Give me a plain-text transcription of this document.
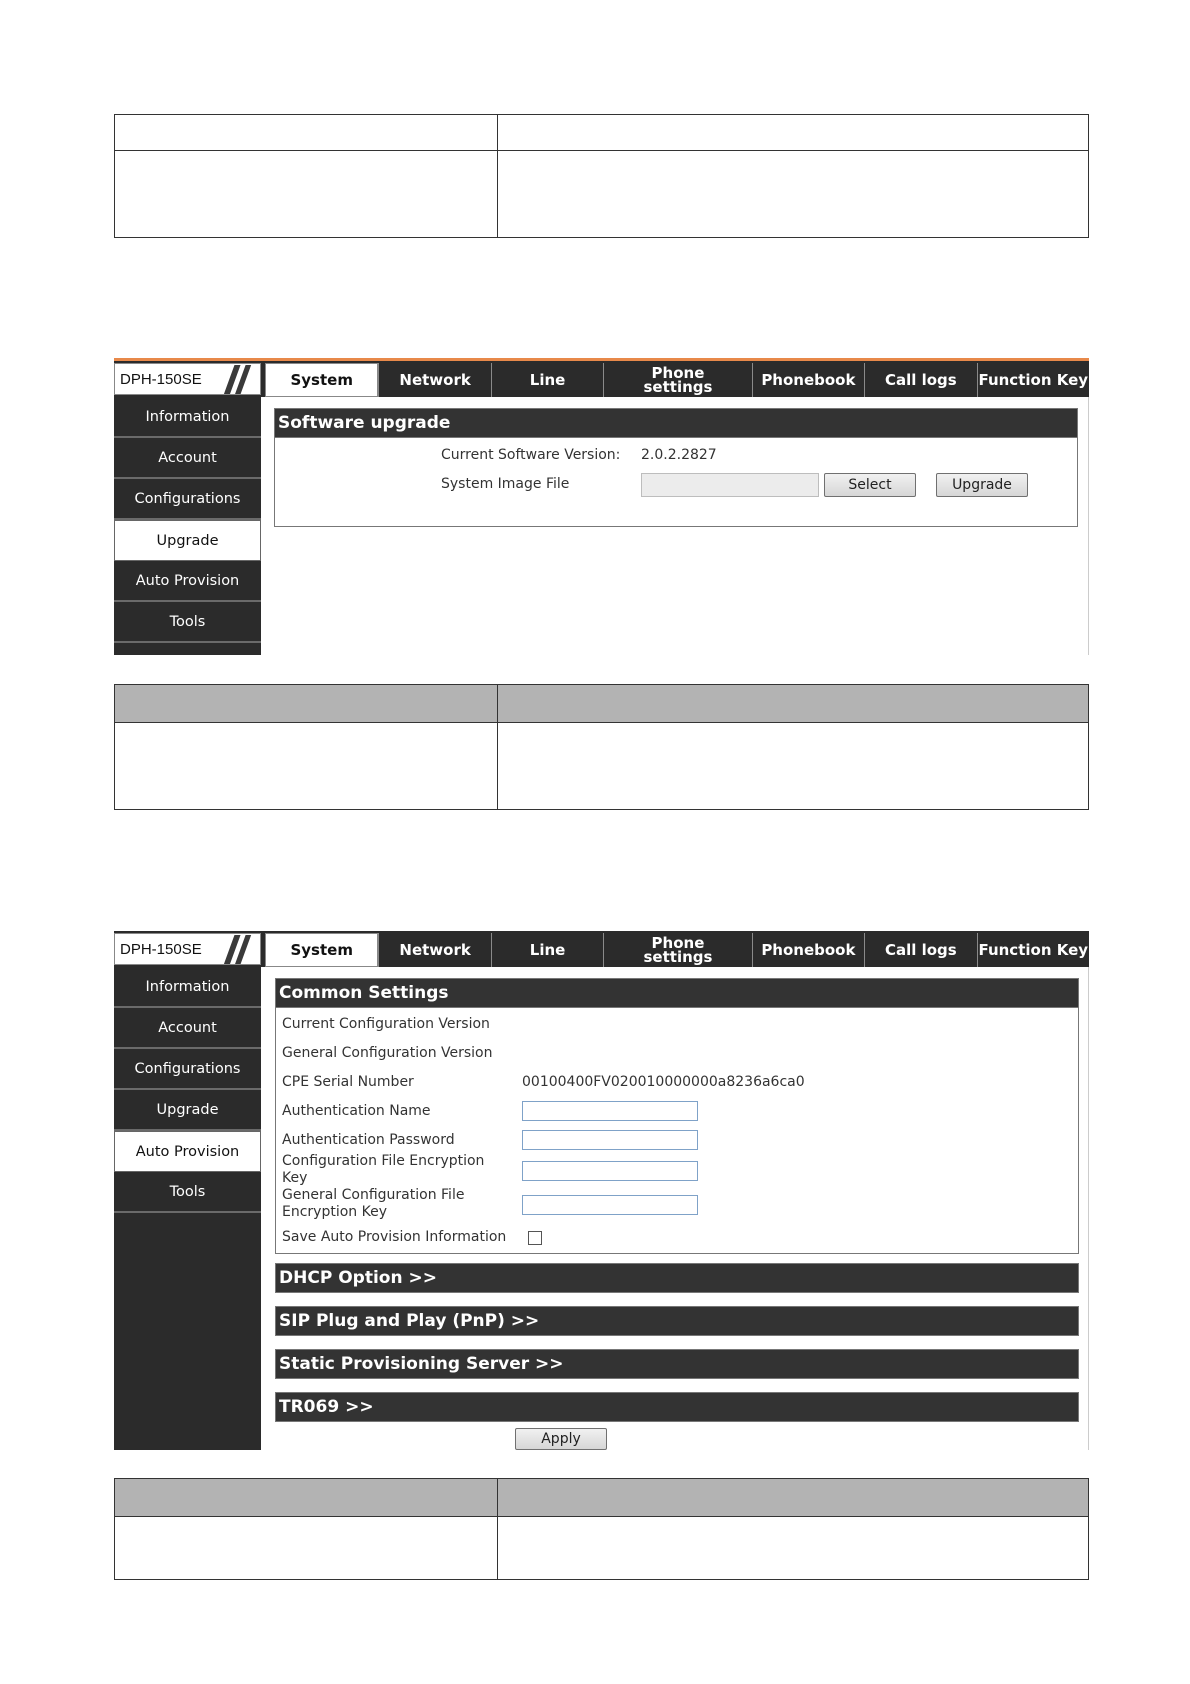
DPH-150SE	System	Network	Line	Phone settings	Phonebook	Call logs	Function Key
Information
Account
Configurations
Upgrade
Auto Provision
Tools
Software upgrade
Current Software Version: 2.0.2.2827
System Image File	Select	Upgrade

DPH-150SE	System	Network	Line	Phone settings	Phonebook	Call logs	Function Key
Information
Account
Configurations
Upgrade
Auto Provision
Tools
Common Settings
Current Configuration Version
General Configuration Version
CPE Serial Number	00100400FV020010000000a8236a6ca0
Authentication Name
Authentication Password
Configuration File Encryption Key
General Configuration File Encryption Key
Save Auto Provision Information
DHCP Option >>
SIP Plug and Play (PnP) >>
Static Provisioning Server >>
TR069 >>
Apply
